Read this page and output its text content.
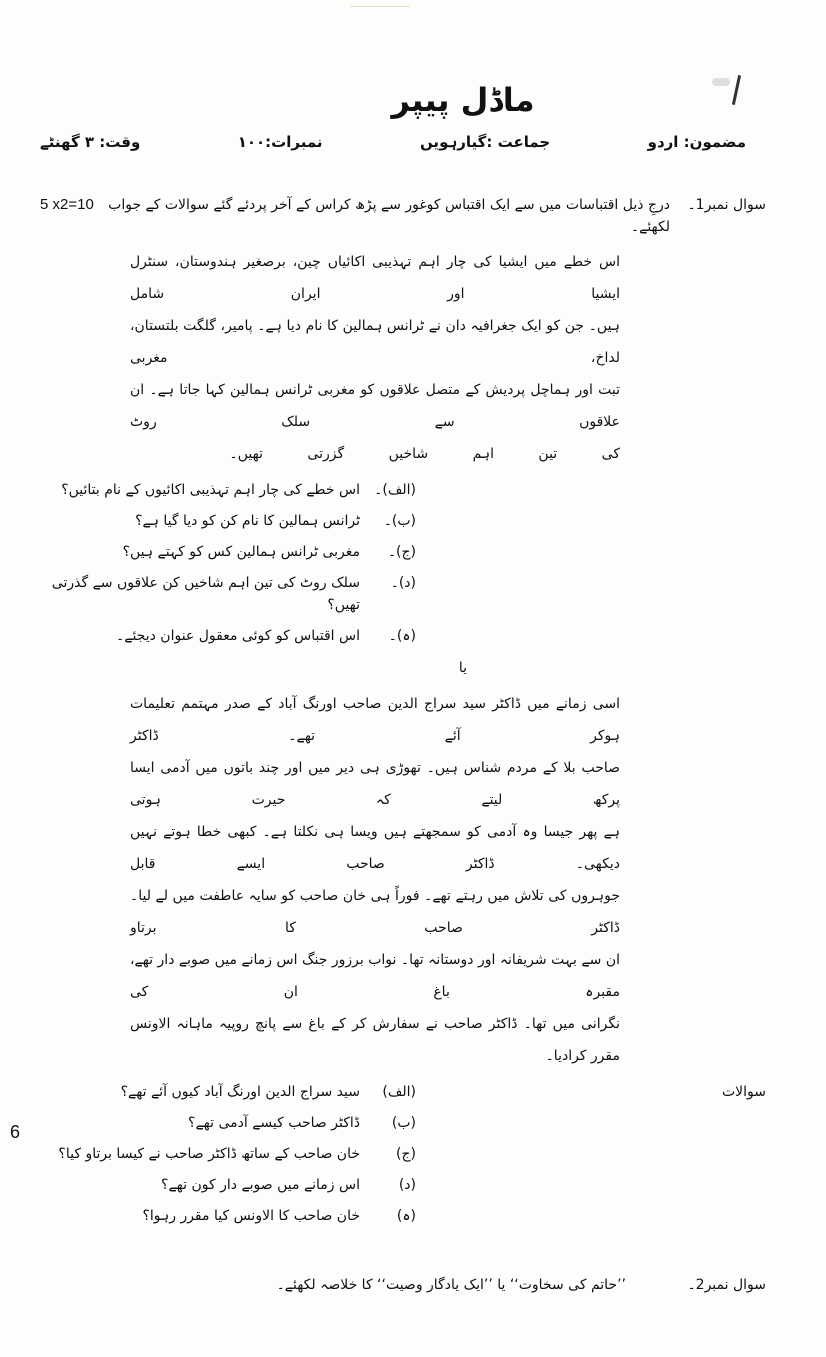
ماڈل پیپر
مضمون: اردو
جماعت :گیارہویں
نمبرات:۱۰۰
وقت: ۳ گھنٹے
سوال نمبر1۔
درجِ ذیل اقتباسات میں سے ایک اقتباس کوغور سے پڑھ کراس کے آخر پردئے گئے سوالات کے جواب لکھئے۔
5 x2=10
اس خطے میں ایشیا کی چار اہم تہذیبی اکائیاں چین، برصغیر ہندوستان، سنٹرل ایشیا اور ایران شامل
ہیں۔ جن کو ایک جغرافیہ دان نے ٹرانس ہمالین کا نام دیا ہے۔ پامیر، گلگت بلتستان، لداخ، مغربی
تبت اور ہماچل پردیش کے متصل علاقوں کو مغربی ٹرانس ہمالین کہا جاتا ہے۔ ان علاقوں سے سلک روٹ
کی تین اہم شاخیں گزرتی تھیں۔
(الف)۔
اس خطے کی چار اہم تہذیبی اکائیوں کے نام بتائیں؟
(ب)۔
ٹرانس ہمالین کا نام کن کو دیا گیا ہے؟
(ج)۔
مغربی ٹرانس ہمالین کس کو کہتے ہیں؟
(د)۔
سلک روٹ کی تین اہم شاخیں کن علاقوں سے گذرتی تھیں؟
(ہ)۔
اس اقتباس کو کوئی معقول عنوان دیجئے۔
یا
اسی زمانے میں ڈاکٹر سید سراج الدین صاحب اورنگ آباد کے صدر مہتمم تعلیمات ہوکر آئے تھے۔ ڈاکٹر
صاحب بلا کے مردم شناس ہیں۔ تھوڑی ہی دیر میں اور چند باتوں میں آدمی ایسا پرکھ لیتے کہ حیرت ہوتی
ہے پھر جیسا وہ آدمی کو سمجھتے ہیں ویسا ہی نکلتا ہے۔ کبھی خطا ہوتے نہیں دیکھی۔ ڈاکٹر صاحب ایسے قابل
جوہروں کی تلاش میں رہتے تھے۔ فوراً ہی خان صاحب کو سایہ عاطفت میں لے لیا۔ ڈاکٹر صاحب کا برتاو
ان سے بہت شریفانہ اور دوستانہ تھا۔ نواب برزور جنگ اس زمانے میں صوبے دار تھے، مقبرہ باغ ان کی
نگرانی میں تھا۔ ڈاکٹر صاحب نے سفارش کر کے باغ سے پانچ روپیہ ماہانہ الاونس مقرر کرادیا۔
سوالات
(الف)
سید سراج الدین اورنگ آباد کیوں آئے تھے؟
(ب)
ڈاکٹر صاحب کیسے آدمی تھے؟
(ج)
خان صاحب کے ساتھ ڈاکٹر صاحب نے کیسا برتاو کیا؟
(د)
اس زمانے میں صوبے دار کون تھے؟
(ہ)
خان صاحب کا الاونس کیا مقرر رہوا؟
سوال نمبر2۔
’’حاتم کی سخاوت‘‘ یا ’’ایک یادگار وصیت‘‘ کا خلاصہ لکھئے۔
6
